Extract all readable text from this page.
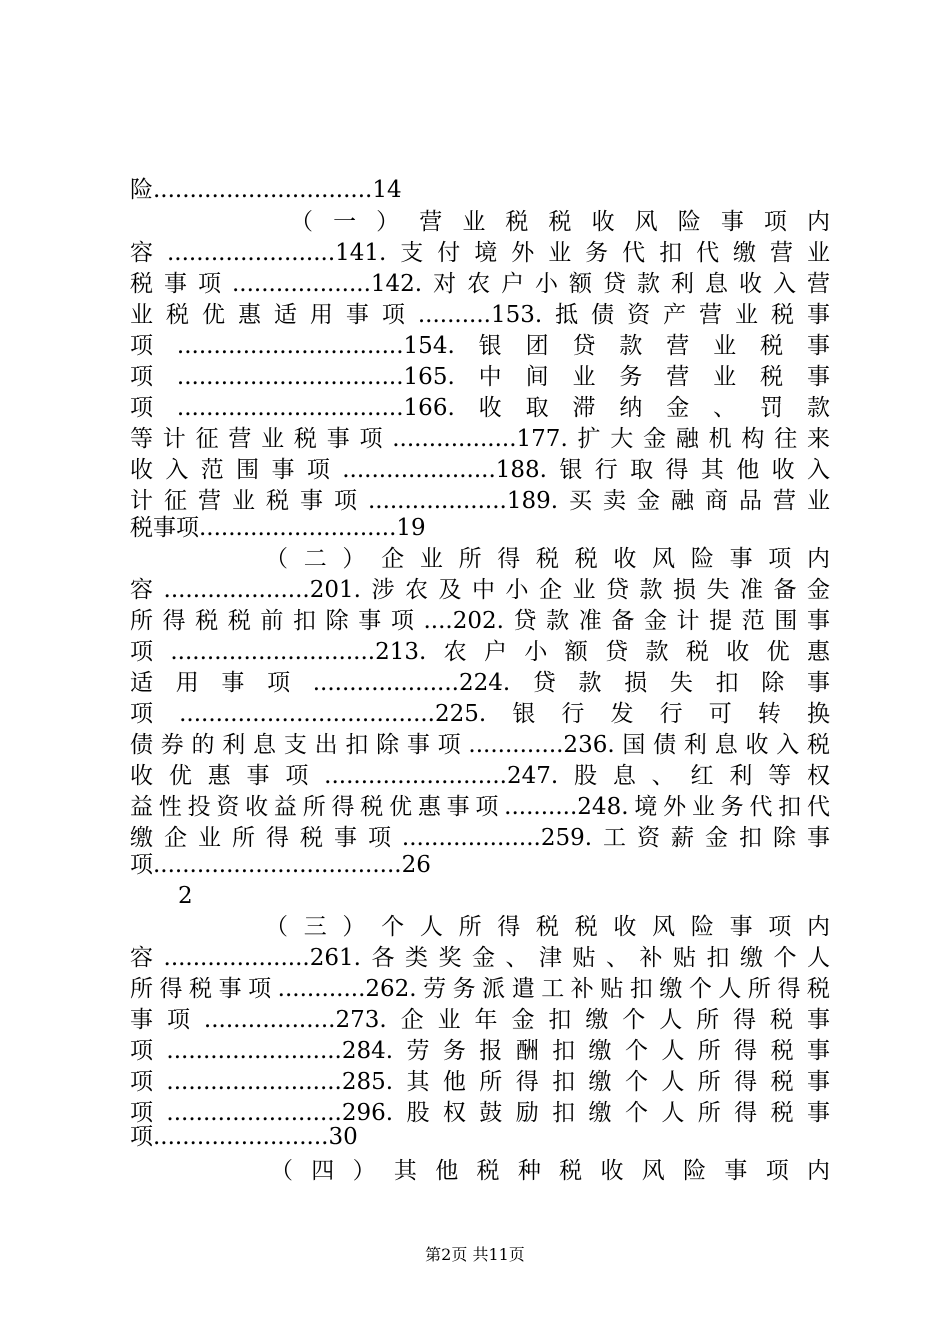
险..............................14
（一）营业税税收风险事项内
容.......................141.支付境外业务代扣代缴营业
税事项...................142.对农户小额贷款利息收入营
业税优惠适用事项..........153.抵债资产营业税事
项...............................154.银团贷款营业税事
项...............................165.中间业务营业税事
项...............................166.收取滞纳金、罚款
等计征营业税事项.................177.扩大金融机构往来
收入范围事项.....................188.银行取得其他收入
计征营业税事项...................189.买卖金融商品营业
税事项...........................19
（二）企业所得税税收风险事项内
容....................201.涉农及中小企业贷款损失准备金
所得税税前扣除事项....202.贷款准备金计提范围事
项............................213.农户小额贷款税收优惠
适用事项....................224.贷款损失扣除事
项...................................225.银行发行可转换
债券的利息支出扣除事项.............236.国债利息收入税
收优惠事项.........................247.股息、红利等权
益性投资收益所得税优惠事项..........248.境外业务代扣代
缴企业所得税事项...................259.工资薪金扣除事
项..................................26
2
（三）个人所得税税收风险事项内
容....................261.各类奖金、津贴、补贴扣缴个人
所得税事项............262.劳务派遣工补贴扣缴个人所得税
事项..................273.企业年金扣缴个人所得税事
项........................284.劳务报酬扣缴个人所得税事
项........................285.其他所得扣缴个人所得税事
项........................296.股权鼓励扣缴个人所得税事
项........................30
（四）其他税种税收风险事项内
第2页 共11页
